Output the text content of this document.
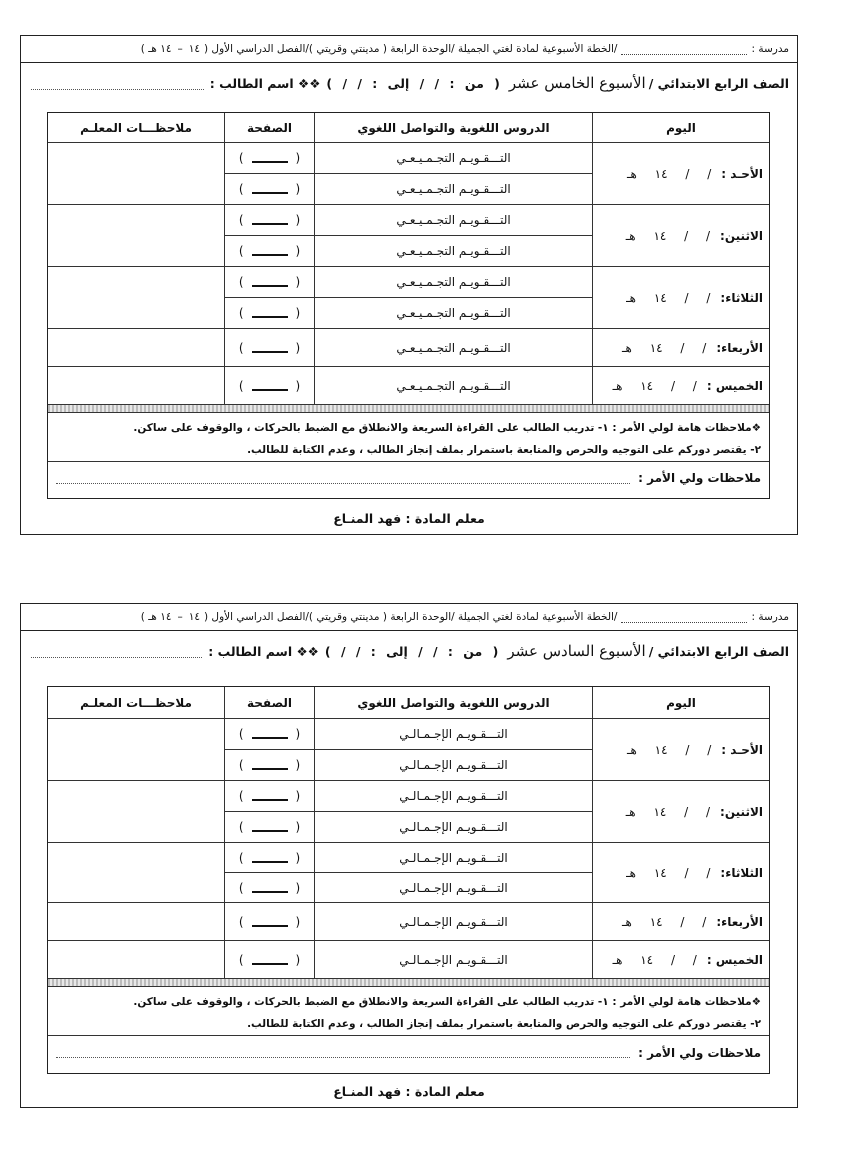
مدرسة :
/الخطة الأسبوعية لمادة لغتي الجميلة /الوحدة الرابعة ( مدينتي وقريتي )/الفصل الدراسي الأول (
١٤
–
١٤ هـ )
الصف الرابع الابتدائي /
الأسبوع الخامس عشر
( من : / / إلى : / / )
❖❖ اسم الطالب :
اليوم
الدروس اللغوية والتواصل اللغوي
الصفحة
ملاحظـــات المعلـم
الأحـد :
/ / ١٤ هـ
التـــقـويـم التجـمـيـعـي
التـــقـويـم التجـمـيـعـي
(
)
(
)
الاثنين:
/ / ١٤ هـ
التـــقـويـم التجـمـيـعـي
التـــقـويـم التجـمـيـعـي
(
)
(
)
الثلاثاء:
/ / ١٤ هـ
التـــقـويـم التجـمـيـعـي
التـــقـويـم التجـمـيـعـي
(
)
(
)
الأربعاء:
/ / ١٤ هـ
التـــقـويـم التجـمـيـعـي
(
)
الخميس :
/ / ١٤ هـ
التـــقـويـم التجـمـيـعـي
(
)
❖ملاحظات هامة لولي الأمر : ١- تدريب الطالب على القراءة السريعة والانطلاق مع الضبط بالحركات ، والوقوف على ساكن.
٢- يقتصر دوركم على التوجيه والحرص والمتابعة باستمرار بملف إنجاز الطالب ، وعدم الكتابة للطالب.
ملاحظات ولي الأمر :
معلم المادة : فهد المنـاع
مدرسة :
/الخطة الأسبوعية لمادة لغتي الجميلة /الوحدة الرابعة ( مدينتي وقريتي )/الفصل الدراسي الأول (
١٤
–
١٤ هـ )
الصف الرابع الابتدائي /
الأسبوع السادس عشر
( من : / / إلى : / / )
❖❖ اسم الطالب :
اليوم
الدروس اللغوية والتواصل اللغوي
الصفحة
ملاحظـــات المعلـم
الأحـد :
/ / ١٤ هـ
التـــقـويـم الإجـمـالـي
التـــقـويـم الإجـمـالـي
(
)
(
)
الاثنين:
/ / ١٤ هـ
التـــقـويـم الإجـمـالـي
التـــقـويـم الإجـمـالـي
(
)
(
)
الثلاثاء:
/ / ١٤ هـ
التـــقـويـم الإجـمـالـي
التـــقـويـم الإجـمـالـي
(
)
(
)
الأربعاء:
/ / ١٤ هـ
التـــقـويـم الإجـمـالـي
(
)
الخميس :
/ / ١٤ هـ
التـــقـويـم الإجـمـالـي
(
)
❖ملاحظات هامة لولي الأمر : ١- تدريب الطالب على القراءة السريعة والانطلاق مع الضبط بالحركات ، والوقوف على ساكن.
٢- يقتصر دوركم على التوجيه والحرص والمتابعة باستمرار بملف إنجاز الطالب ، وعدم الكتابة للطالب.
ملاحظات ولي الأمر :
معلم المادة : فهد المنـاع
